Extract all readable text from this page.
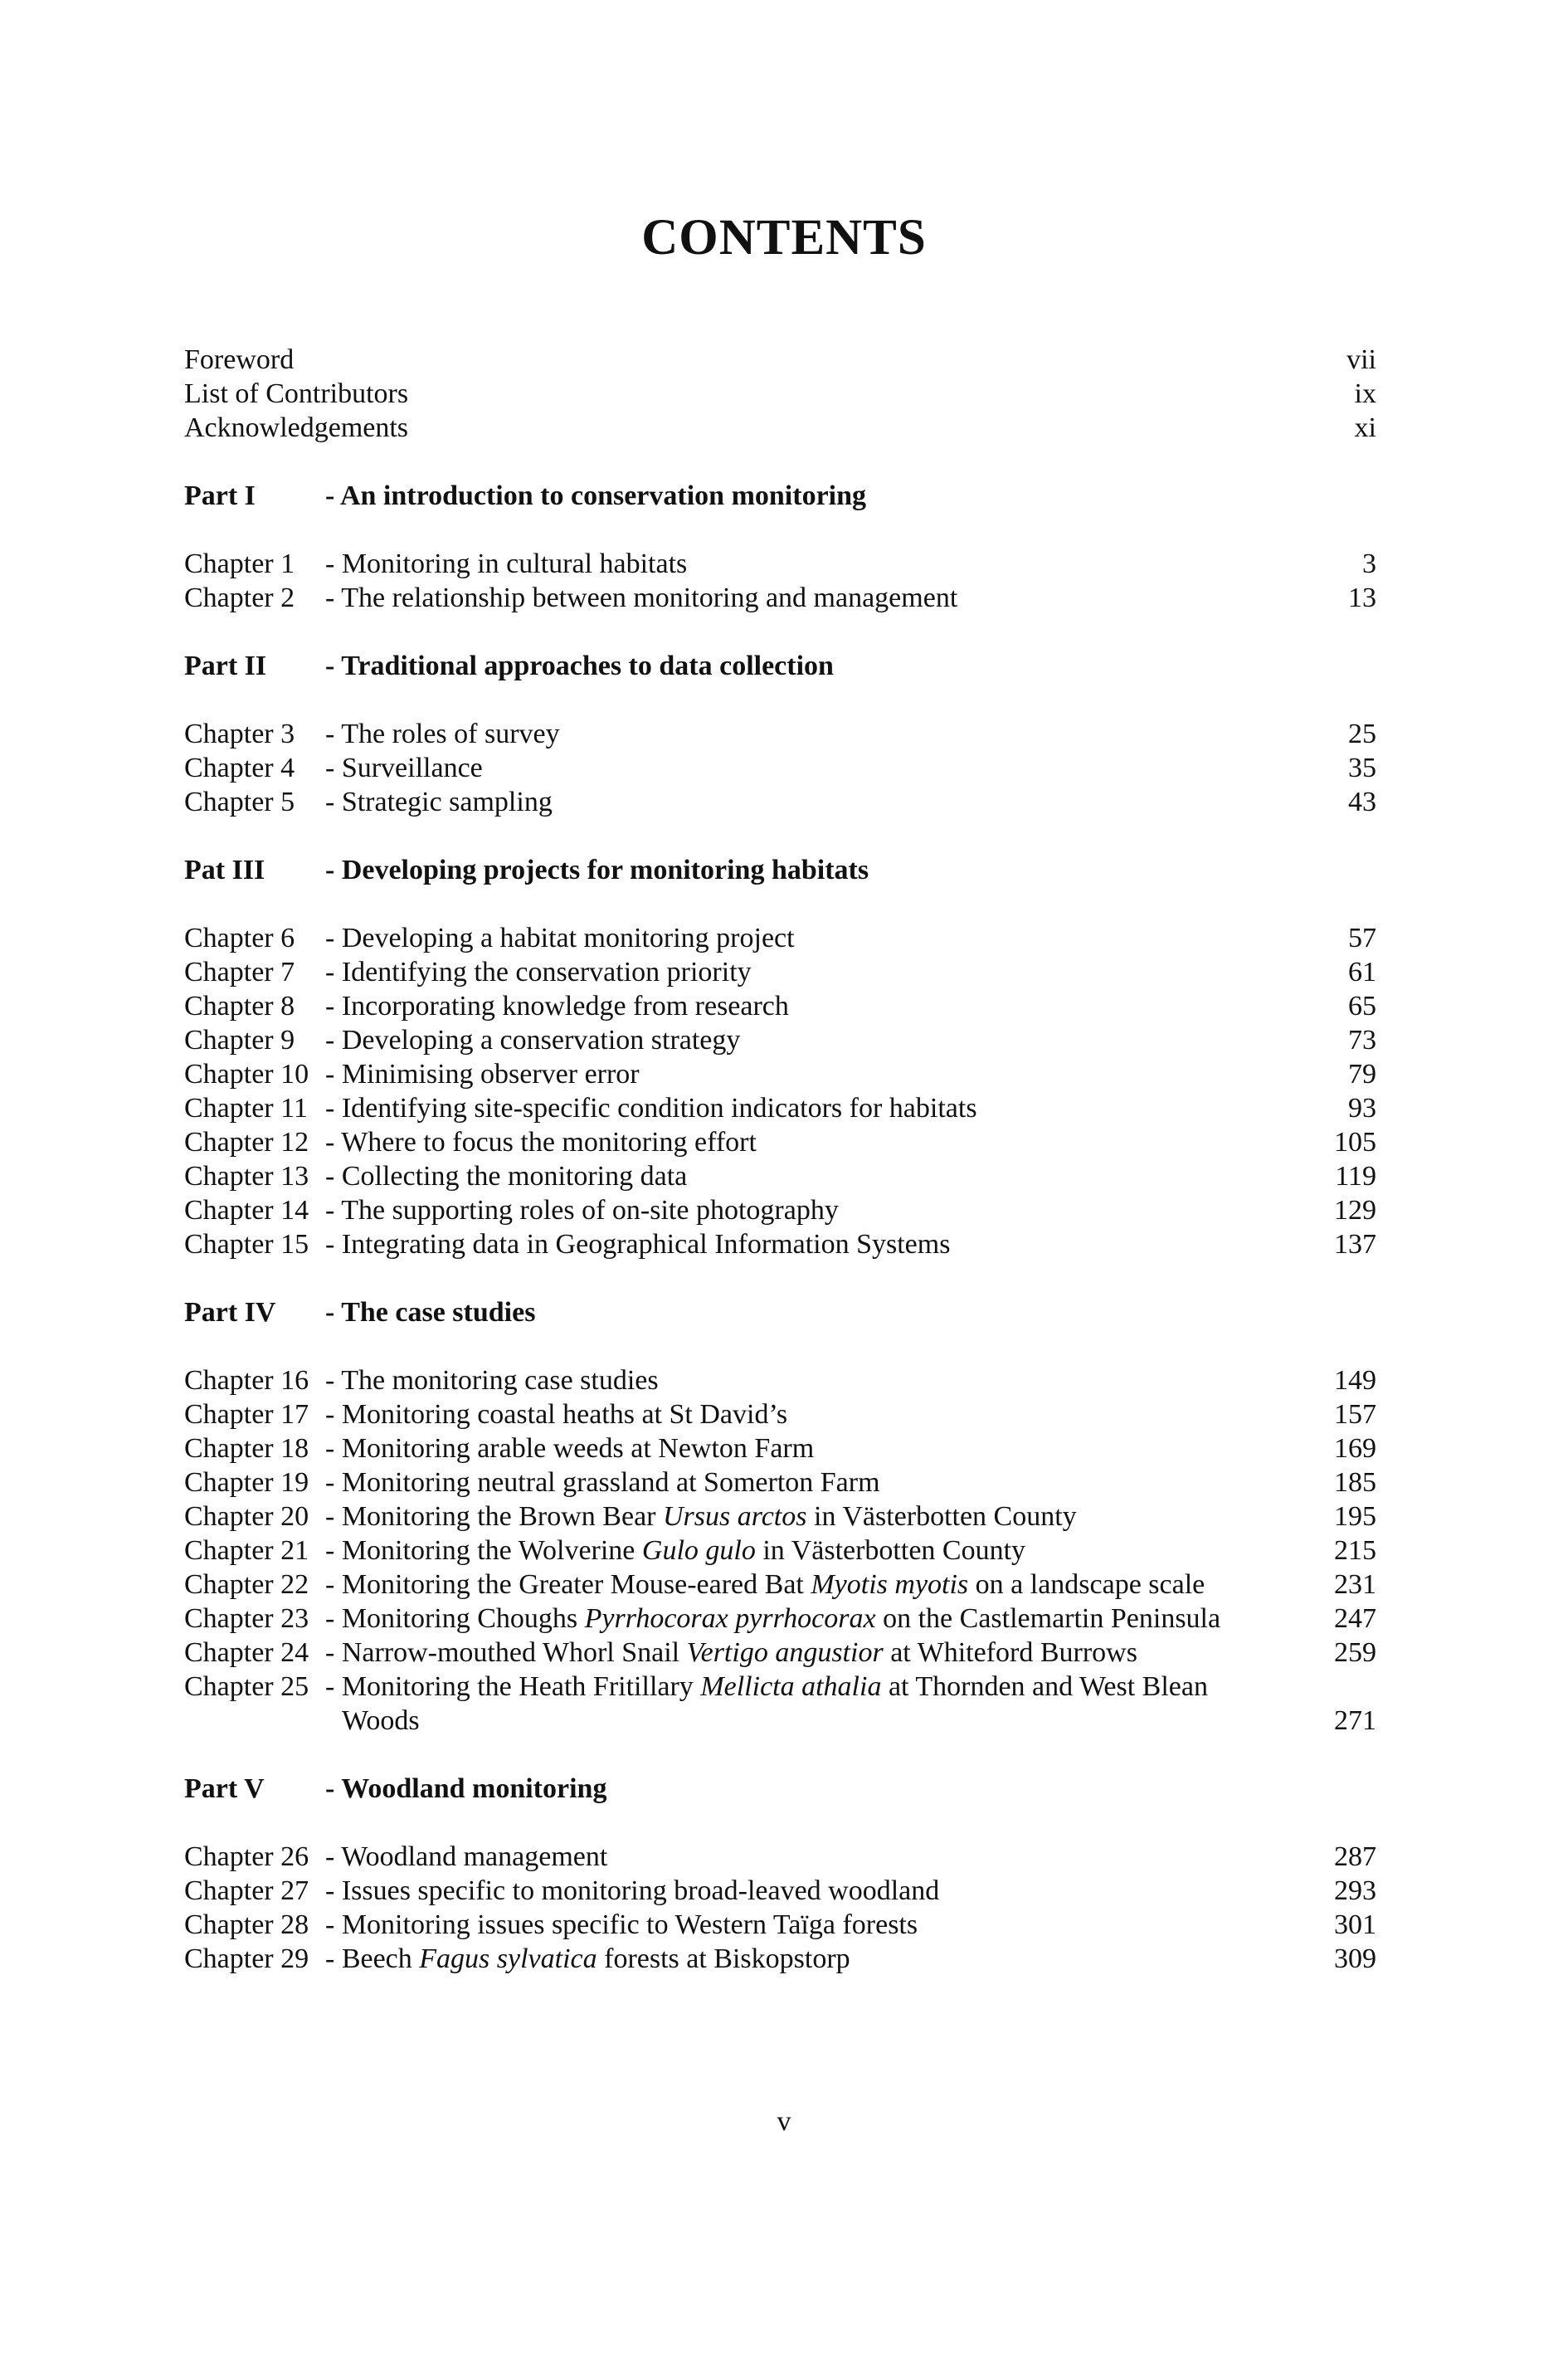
CONTENTS
Foreword	vii
List of Contributors	ix
Acknowledgements	xi
Part I - An introduction to conservation monitoring
Chapter 1 - Monitoring in cultural habitats	3
Chapter 2 - The relationship between monitoring and management	13
Part II - Traditional approaches to data collection
Chapter 3 - The roles of survey	25
Chapter 4 - Surveillance	35
Chapter 5 - Strategic sampling	43
Pat III - Developing projects for monitoring habitats
Chapter 6 - Developing a habitat monitoring project	57
Chapter 7 - Identifying the conservation priority	61
Chapter 8 - Incorporating knowledge from research	65
Chapter 9 - Developing a conservation strategy	73
Chapter 10 - Minimising observer error	79
Chapter 11 - Identifying site-specific condition indicators for habitats	93
Chapter 12 - Where to focus the monitoring effort	105
Chapter 13 - Collecting the monitoring data	119
Chapter 14 - The supporting roles of on-site photography	129
Chapter 15 - Integrating data in Geographical Information Systems	137
Part IV - The case studies
Chapter 16 - The monitoring case studies	149
Chapter 17 - Monitoring coastal heaths at St David’s	157
Chapter 18 - Monitoring arable weeds at Newton Farm	169
Chapter 19 - Monitoring neutral grassland at Somerton Farm	185
Chapter 20 - Monitoring the Brown Bear Ursus arctos in Västerbotten County	195
Chapter 21 - Monitoring the Wolverine Gulo gulo in Västerbotten County	215
Chapter 22 - Monitoring the Greater Mouse-eared Bat Myotis myotis on a landscape scale	231
Chapter 23 - Monitoring Choughs Pyrrhocorax pyrrhocorax on the Castlemartin Peninsula	247
Chapter 24 - Narrow-mouthed Whorl Snail Vertigo angustior at Whiteford Burrows	259
Chapter 25 - Monitoring the Heath Fritillary Mellicta athalia at Thornden and West Blean
Woods	271
Part V - Woodland monitoring
Chapter 26 - Woodland management	287
Chapter 27 - Issues specific to monitoring broad-leaved woodland	293
Chapter 28 - Monitoring issues specific to Western Taïga forests	301
Chapter 29 - Beech Fagus sylvatica forests at Biskopstorp	309
v
